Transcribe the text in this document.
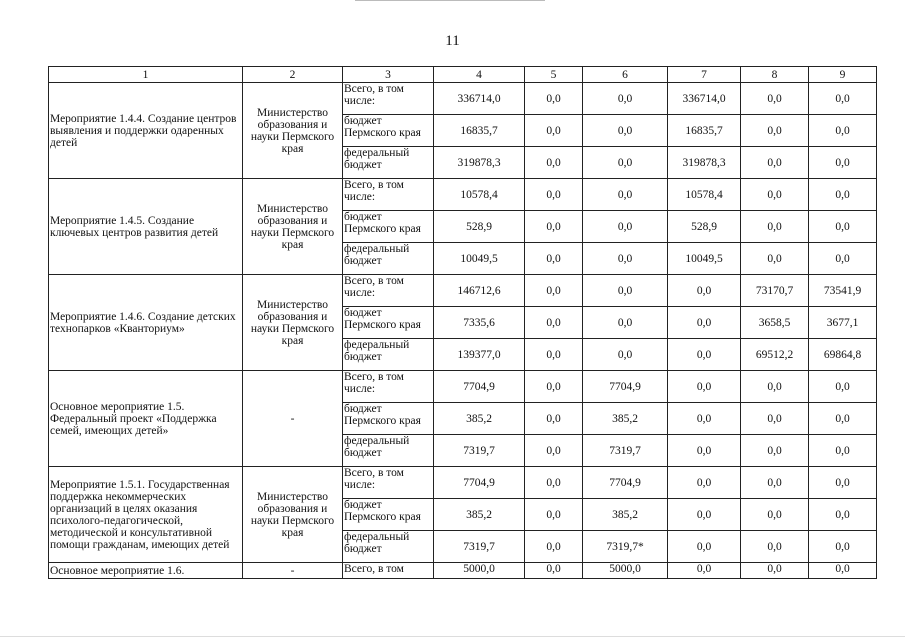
11
1	2	3	4	5	6	7	8	9
Мероприятие 1.4.4. Создание центров выявления и поддержки одаренных детей	Министерство образования и науки Пермского края	Всего, в том числе:	336714,0	0,0	0,0	336714,0	0,0	0,0
		бюджет Пермского края	16835,7	0,0	0,0	16835,7	0,0	0,0
		федеральный бюджет	319878,3	0,0	0,0	319878,3	0,0	0,0
Мероприятие 1.4.5. Создание ключевых центров развития детей	Министерство образования и науки Пермского края	Всего, в том числе:	10578,4	0,0	0,0	10578,4	0,0	0,0
		бюджет Пермского края	528,9	0,0	0,0	528,9	0,0	0,0
		федеральный бюджет	10049,5	0,0	0,0	10049,5	0,0	0,0
Мероприятие 1.4.6. Создание детских технопарков «Кванториум»	Министерство образования и науки Пермского края	Всего, в том числе:	146712,6	0,0	0,0	0,0	73170,7	73541,9
		бюджет Пермского края	7335,6	0,0	0,0	0,0	3658,5	3677,1
		федеральный бюджет	139377,0	0,0	0,0	0,0	69512,2	69864,8
Основное мероприятие 1.5. Федеральный проект «Поддержка семей, имеющих детей»	-	Всего, в том числе:	7704,9	0,0	7704,9	0,0	0,0	0,0
		бюджет Пермского края	385,2	0,0	385,2	0,0	0,0	0,0
		федеральный бюджет	7319,7	0,0	7319,7	0,0	0,0	0,0
Мероприятие 1.5.1. Государственная поддержка некоммерческих организаций в целях оказания психолого-педагогической, методической и консультативной помощи гражданам, имеющих детей	Министерство образования и науки Пермского края	Всего, в том числе:	7704,9	0,0	7704,9	0,0	0,0	0,0
		бюджет Пермского края	385,2	0,0	385,2	0,0	0,0	0,0
		федеральный бюджет	7319,7	0,0	7319,7*	0,0	0,0	0,0
Основное мероприятие 1.6.	-	Всего, в том	5000,0	0,0	5000,0	0,0	0,0	0,0
